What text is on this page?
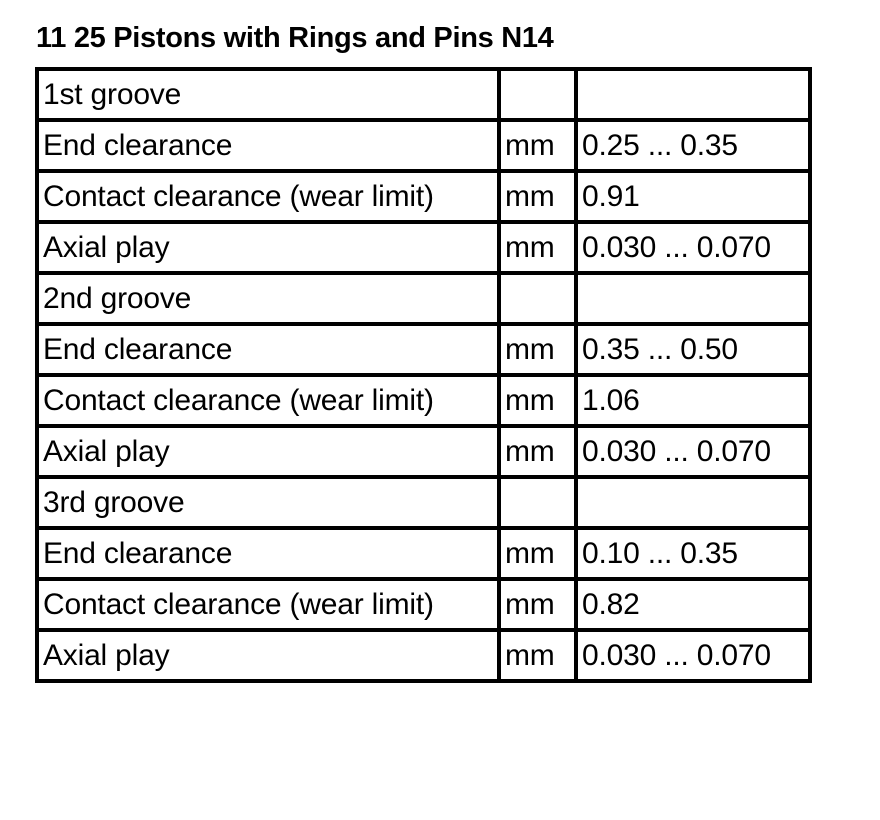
11 25 Pistons with Rings and Pins N14
1st groove		
End clearance	mm	0.25 ... 0.35
Contact clearance (wear limit)	mm	0.91
Axial play	mm	0.030 ... 0.070
2nd groove		
End clearance	mm	0.35 ... 0.50
Contact clearance (wear limit)	mm	1.06
Axial play	mm	0.030 ... 0.070
3rd groove		
End clearance	mm	0.10 ... 0.35
Contact clearance (wear limit)	mm	0.82
Axial play	mm	0.030 ... 0.070
